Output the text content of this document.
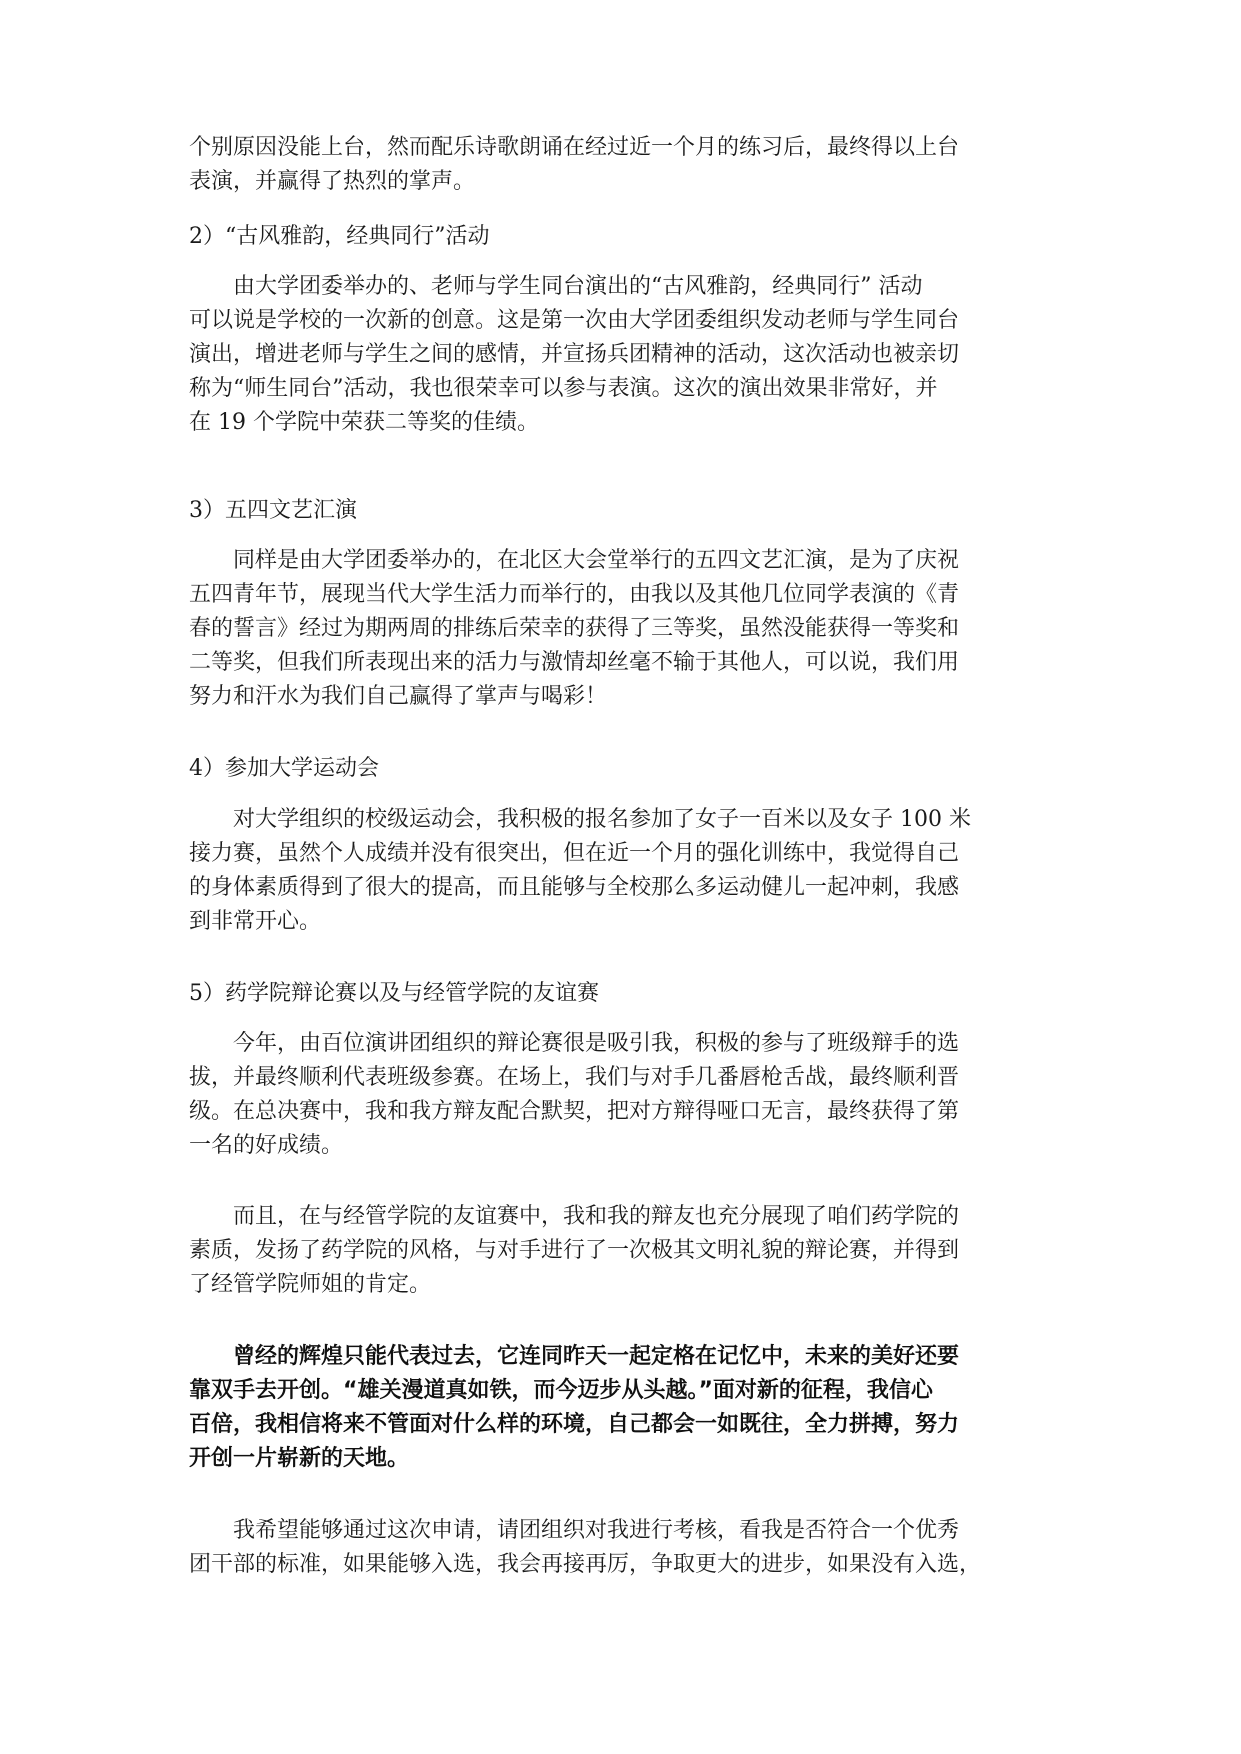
个别原因没能上台，然而配乐诗歌朗诵在经过近一个月的练习后，最终得以上台
表演，并赢得了热烈的掌声。

2）“古风雅韵，经典同行”活动

　　由大学团委举办的、老师与学生同台演出的“古风雅韵，经典同行” 活动
可以说是学校的一次新的创意。这是第一次由大学团委组织发动老师与学生同台
演出，增进老师与学生之间的感情，并宣扬兵团精神的活动，这次活动也被亲切
称为“师生同台”活动，我也很荣幸可以参与表演。这次的演出效果非常好，并
在 19 个学院中荣获二等奖的佳绩。

3）五四文艺汇演

　　同样是由大学团委举办的，在北区大会堂举行的五四文艺汇演，是为了庆祝
五四青年节，展现当代大学生活力而举行的，由我以及其他几位同学表演的《青
春的誓言》经过为期两周的排练后荣幸的获得了三等奖，虽然没能获得一等奖和
二等奖，但我们所表现出来的活力与激情却丝毫不输于其他人，可以说，我们用
努力和汗水为我们自己赢得了掌声与喝彩！

4）参加大学运动会

　　对大学组织的校级运动会，我积极的报名参加了女子一百米以及女子 100 米
接力赛，虽然个人成绩并没有很突出，但在近一个月的强化训练中，我觉得自己
的身体素质得到了很大的提高，而且能够与全校那么多运动健儿一起冲刺，我感
到非常开心。

5）药学院辩论赛以及与经管学院的友谊赛

　　今年，由百位演讲团组织的辩论赛很是吸引我，积极的参与了班级辩手的选
拔，并最终顺利代表班级参赛。在场上，我们与对手几番唇枪舌战，最终顺利晋
级。在总决赛中，我和我方辩友配合默契，把对方辩得哑口无言，最终获得了第
一名的好成绩。

　　而且，在与经管学院的友谊赛中，我和我的辩友也充分展现了咱们药学院的
素质，发扬了药学院的风格，与对手进行了一次极其文明礼貌的辩论赛，并得到
了经管学院师姐的肯定。

　　曾经的辉煌只能代表过去，它连同昨天一起定格在记忆中，未来的美好还要
靠双手去开创。“雄关漫道真如铁，而今迈步从头越。”面对新的征程，我信心
百倍，我相信将来不管面对什么样的环境，自己都会一如既往，全力拼搏，努力
开创一片崭新的天地。

　　我希望能够通过这次申请，请团组织对我进行考核，看我是否符合一个优秀
团干部的标准，如果能够入选，我会再接再厉，争取更大的进步，如果没有入选，
